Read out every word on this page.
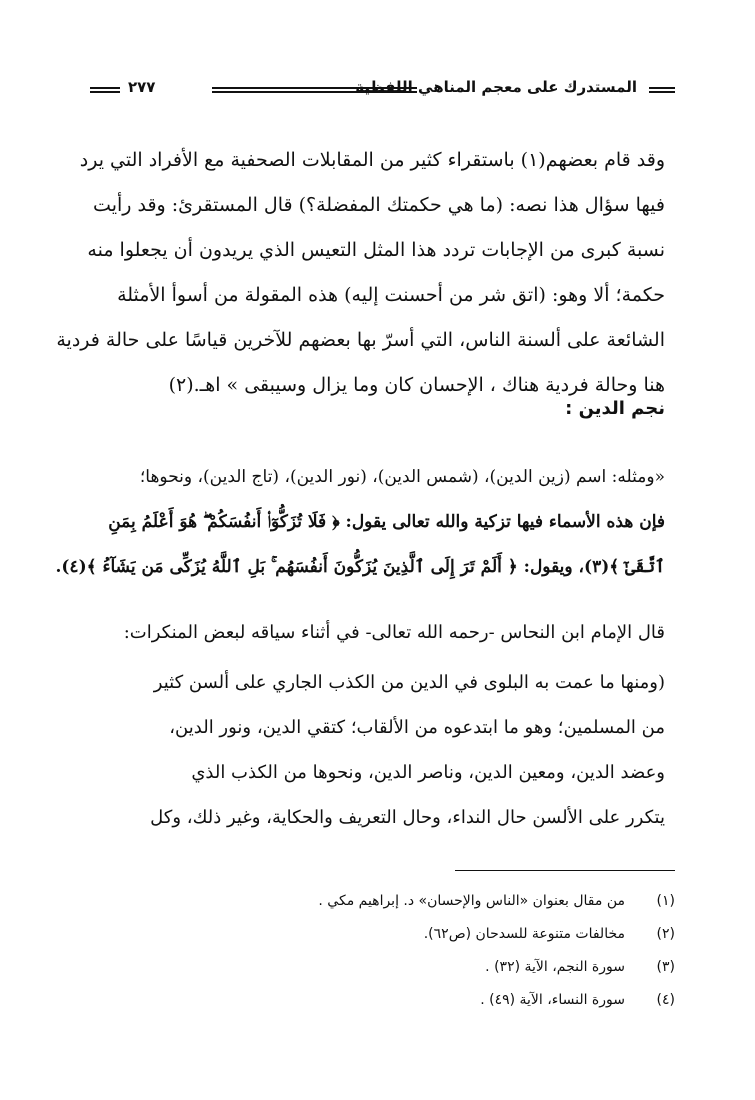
المستدرك على معجم المناهي اللفظية
٢٧٧
وقد قام بعضهم(١) باستقراء كثير من المقابلات الصحفية مع الأفراد التي يرد
فيها سؤال هذا نصه: (ما هي حكمتك المفضلة؟) قال المستقرئ: وقد رأيت
نسبة كبرى من الإجابات تردد هذا المثل التعيس الذي يريدون أن يجعلوا منه
حكمة؛ ألا وهو: (اتق شر من أحسنت إليه) هذه المقولة من أسوأ الأمثلة
الشائعة على ألسنة الناس، التي أسرّ بها بعضهم للآخرين قياسًا على حالة فردية
هنا وحالة فردية هناك ، الإحسان كان وما يزال وسيبقى » اهـ.(٢)
نجم الدين :
«ومثله: اسم (زين الدين)، (شمس الدين)، (نور الدين)، (تاج الدين)، ونحوها؛
فإن هذه الأسماء فيها تزكية والله تعالى يقول: ﴿ فَلَا تُزَكُّوٓا۟ أَنفُسَكُمْ ۖ هُوَ أَعْلَمُ بِمَنِ
ٱتَّقَىٰٓ ﴾(٣)، ويقول: ﴿ أَلَمْ تَرَ إِلَى ٱلَّذِينَ يُزَكُّونَ أَنفُسَهُم ۚ بَلِ ٱللَّهُ يُزَكِّى مَن يَشَآءُ ﴾(٤).
قال الإمام ابن النحاس -رحمه الله تعالى- في أثناء سياقه لبعض المنكرات:
(ومنها ما عمت به البلوى في الدين من الكذب الجاري على ألسن كثير
من المسلمين؛ وهو ما ابتدعوه من الألقاب؛ كتقي الدين، ونور الدين،
وعضد الدين، ومعين الدين، وناصر الدين، ونحوها من الكذب الذي
يتكرر على الألسن حال النداء، وحال التعريف والحكاية، وغير ذلك، وكل
(١)
من مقال بعنوان «الناس والإحسان» د. إبراهيم مكي .
(٢)
مخالفات متنوعة للسدحان (ص٦٢).
(٣)
سورة النجم، الآية (٣٢) .
(٤)
سورة النساء، الآية (٤٩) .
